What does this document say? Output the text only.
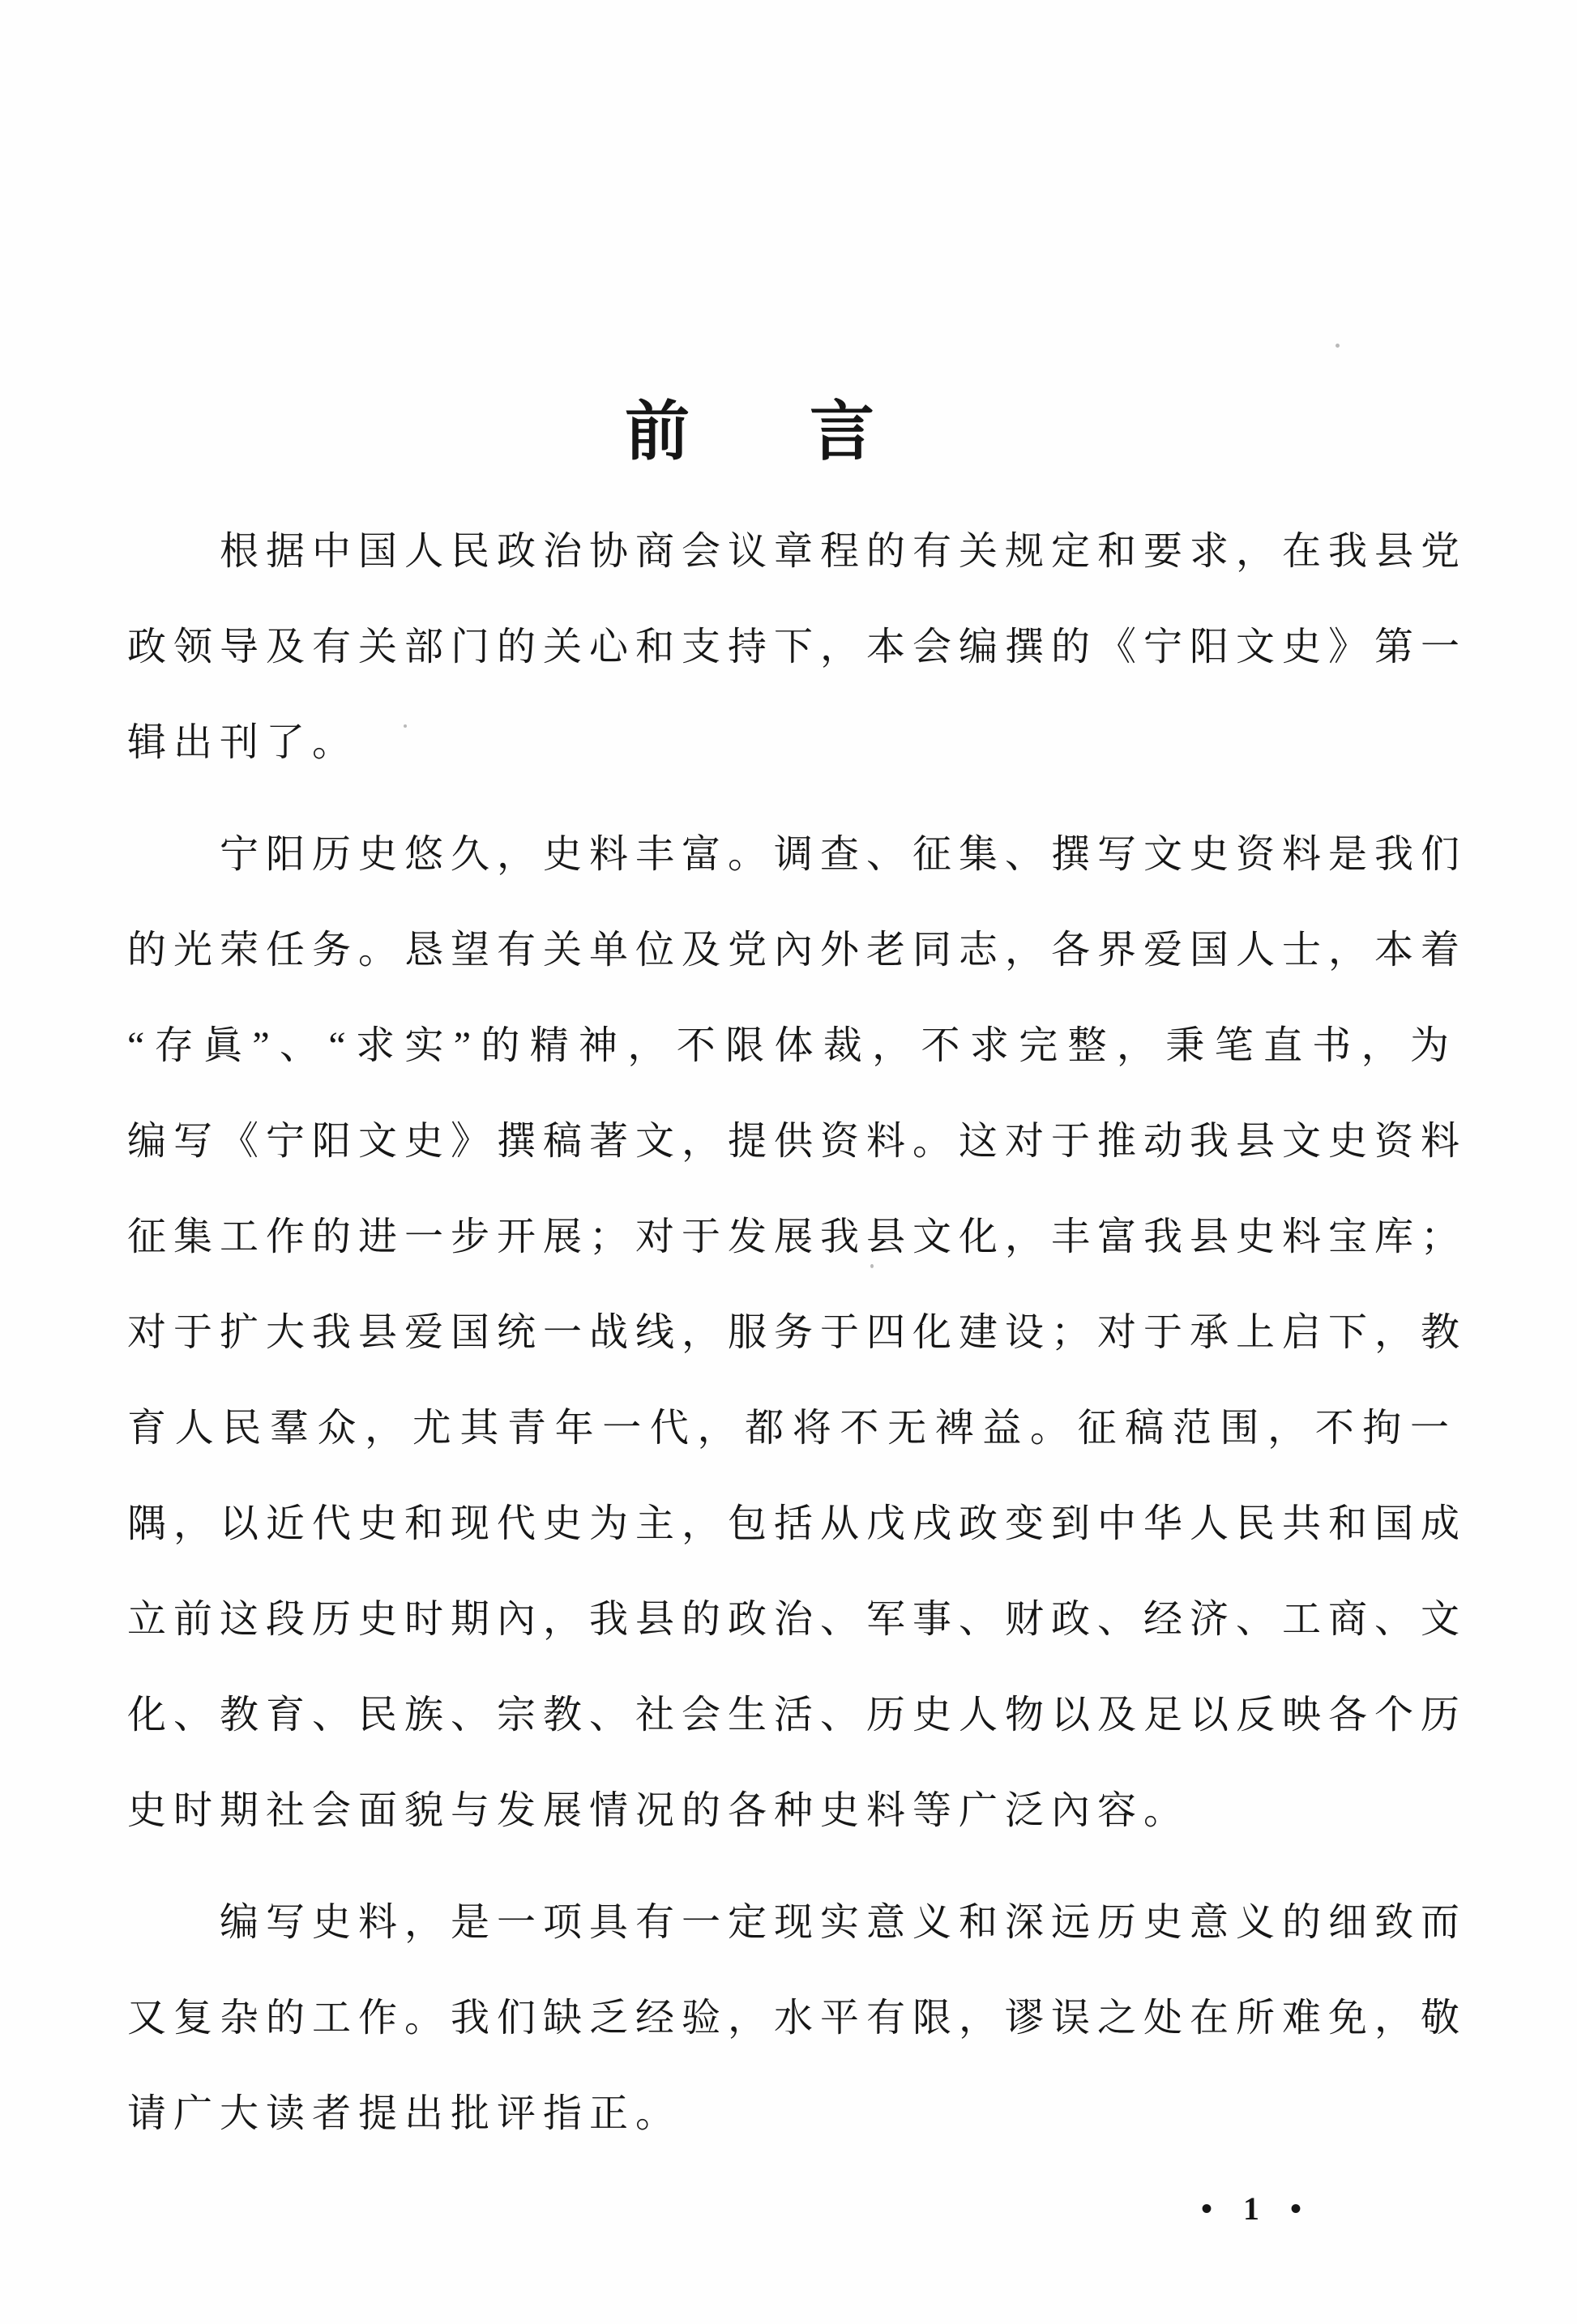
前 言
根据中国人民政治协商会议章程的有关规定和要求，在我县党
政领导及有关部门的关心和支持下，本会编撰的《宁阳文史》第一
辑出刊了。
宁阳历史悠久，史料丰富。调查、征集、撰写文史资料是我们
的光荣任务。恳望有关单位及党內外老同志，各界爱国人士，本着
“存眞”、“求实”的精神，不限体裁，不求完整，秉笔直书，为
编写《宁阳文史》撰稿著文，提供资料。这对于推动我县文史资料
征集工作的进一步开展；对于发展我县文化，丰富我县史料宝库；
对于扩大我县爱国统一战线，服务于四化建设；对于承上启下，教
育人民羣众，尤其青年一代，都将不无裨益。征稿范围，不拘一
隅，以近代史和现代史为主，包括从戊戌政变到中华人民共和国成
立前这段历史时期內，我县的政治、军事、财政、经济、工商、文
化、教育、民族、宗教、社会生活、历史人物以及足以反映各个历
史时期社会面貌与发展情况的各种史料等广泛內容。
编写史料，是一项具有一定现实意义和深远历史意义的细致而
又复杂的工作。我们缺乏经验，水平有限，谬误之处在所难免，敬
请广大读者提出批评指正。
• 1 •
